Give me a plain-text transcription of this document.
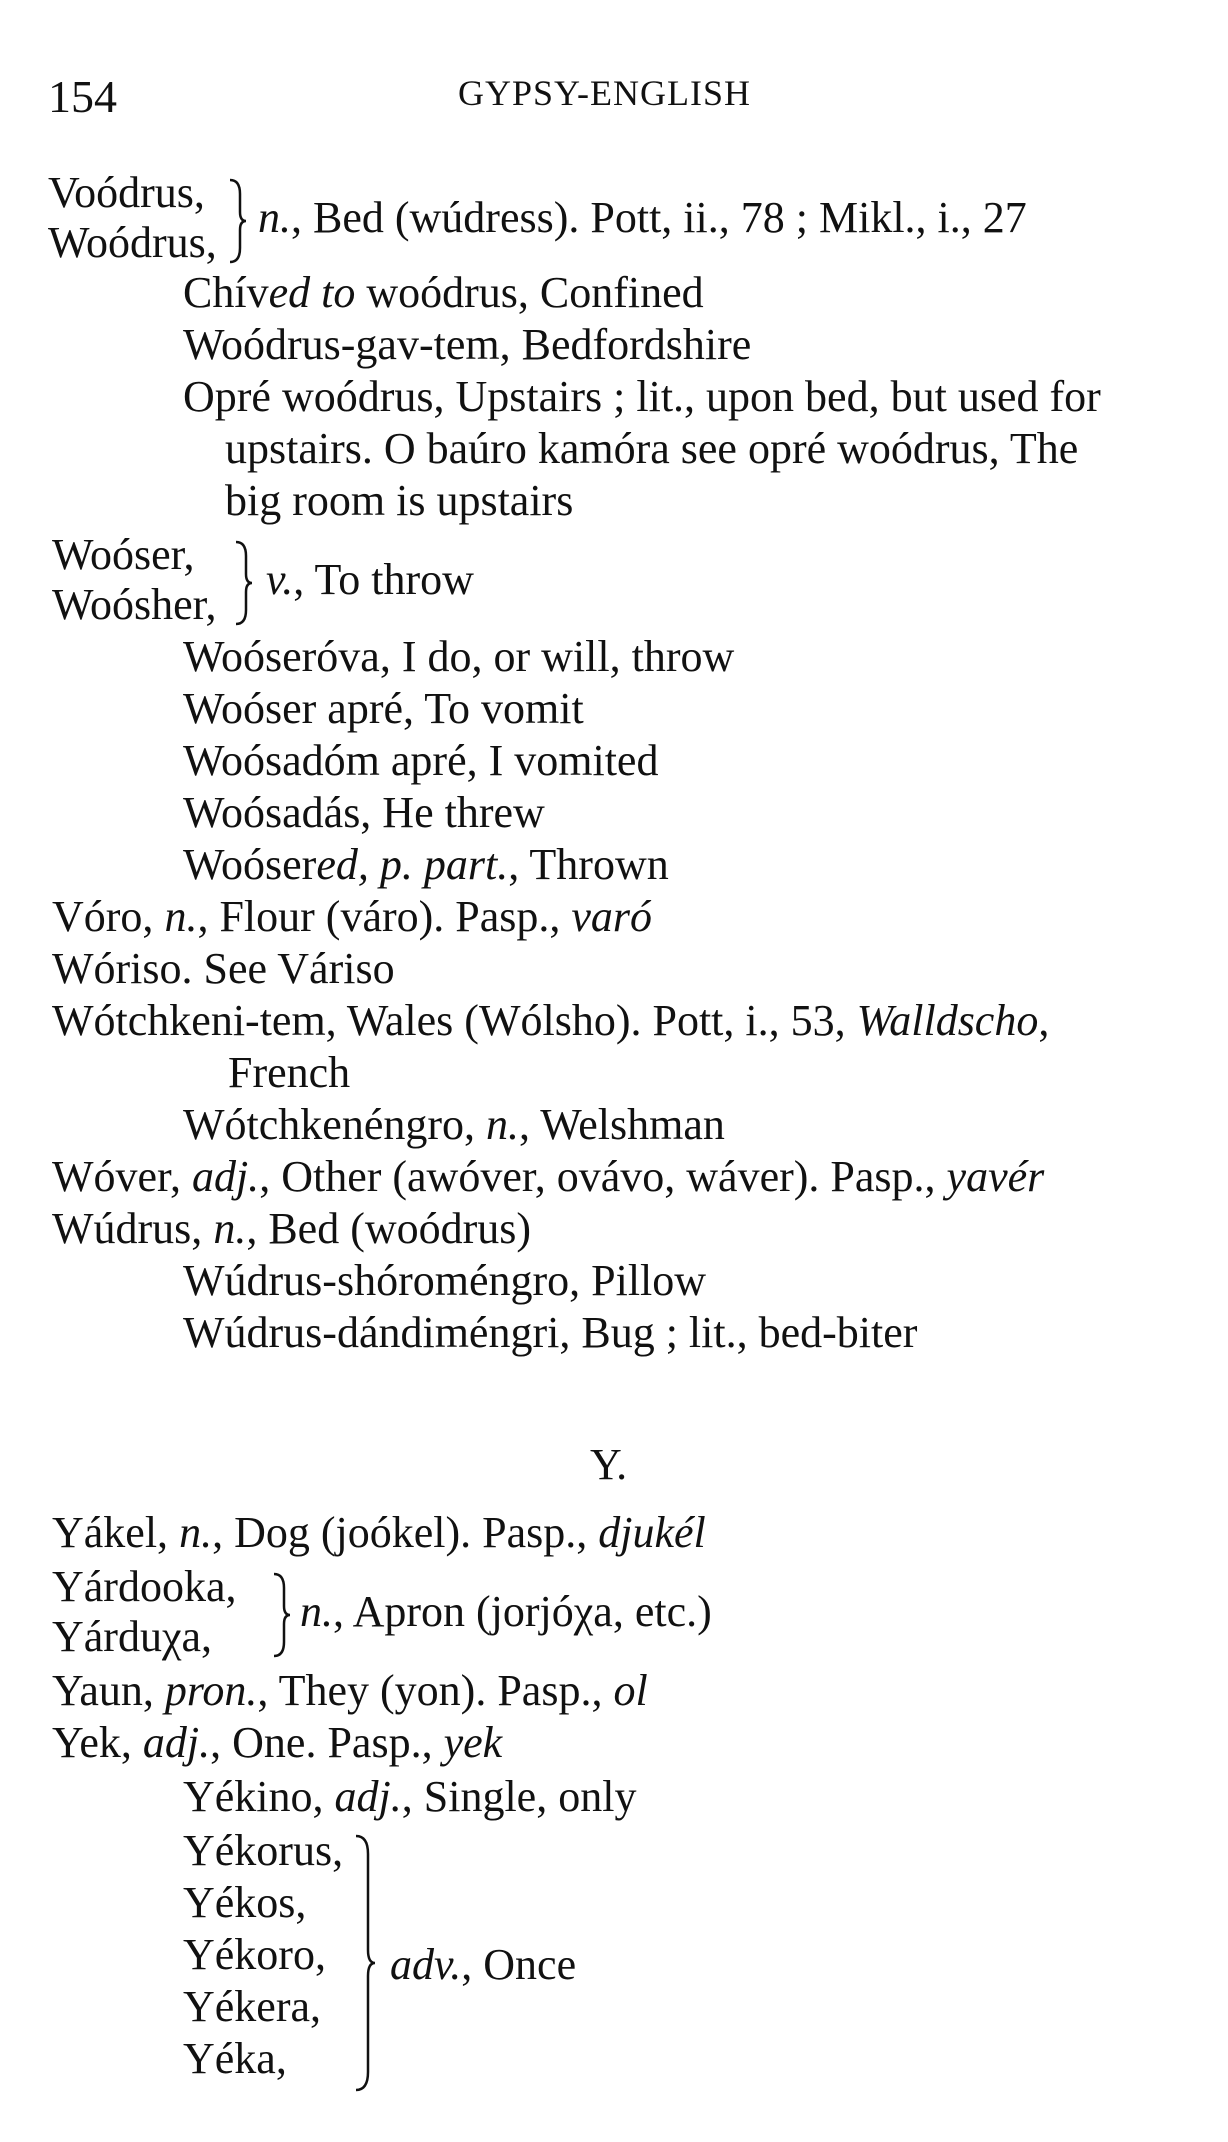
154	GYPSY-ENGLISH
Voódrus,
Woódrus,
n., Bed (wúdress). Pott, ii., 78 ; Mikl., i., 27
Chíved to woódrus, Confined
Woódrus-gav-tem, Bedfordshire
Opré woódrus, Upstairs ; lit., upon bed, but used for
upstairs. O baúro kamóra see opré woódrus, The
big room is upstairs
Woóser,
Woósher,
v., To throw
Woóseróva, I do, or will, throw
Woóser apré, To vomit
Woósadóm apré, I vomited
Woósadás, He threw
Woósered, p. part., Thrown
Vóro, n., Flour (váro). Pasp., varó
Wóriso. See Váriso
Wótchkeni-tem, Wales (Wólsho). Pott, i., 53, Walldscho,
French
Wótchkenéngro, n., Welshman
Wóver, adj., Other (awóver, ovávo, wáver). Pasp., yavér
Wúdrus, n., Bed (woódrus)
Wúdrus-shóroméngro, Pillow
Wúdrus-dándiméngri, Bug ; lit., bed-biter
Y.
Yákel, n., Dog (joókel). Pasp., djukél
Yárdooka,
Yárduχa,
n., Apron (jorjóχa, etc.)
Yaun, pron., They (yon). Pasp., ol
Yek, adj., One. Pasp., yek
Yékino, adj., Single, only
Yékorus,
Yékos,
Yékoro,
Yékera,
Yéka,
adv., Once
